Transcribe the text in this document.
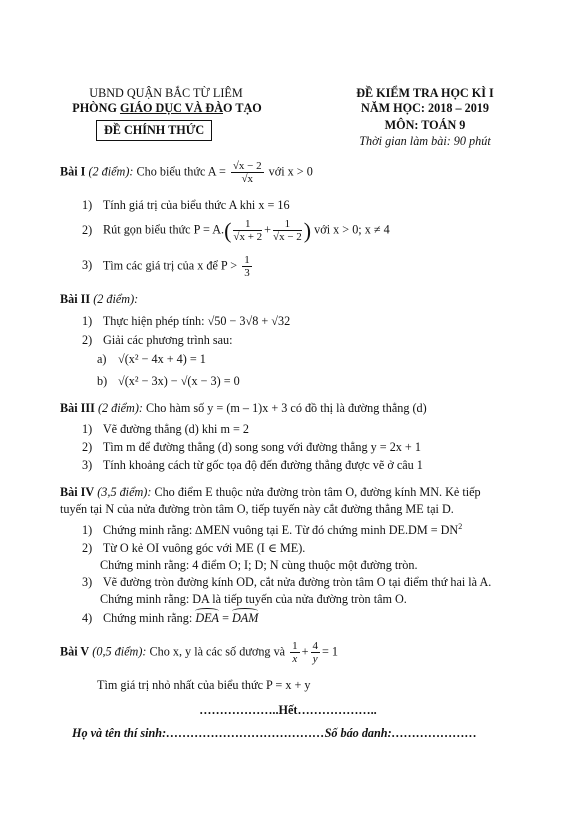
UBND QUẬN BẮC TỪ LIÊM
PHÒNG GIÁO DỤC VÀ ĐÀO TẠO
ĐỀ CHÍNH THỨC
ĐỀ KIỂM TRA HỌC KÌ I
NĂM HỌC: 2018 – 2019
MÔN: TOÁN 9
Thời gian làm bài: 90 phút
Bài I (2 điểm): Cho biểu thức $A = \frac{√x - 2}{√x}$ với x > 0
1) Tính giá trị của biểu thức A khi x = 16
2) Rút gọn biểu thức $P = A.( \frac{1}{√x + 2} + \frac{1}{√x - 2}$ ) với x > 0; x ≠ 4
3) Tìm các giá trị của x để $P > \frac{1}{3}$
Bài II (2 điểm):
1) Thực hiện phép tính: √50 − 3√8 + √32
2) Giải các phương trình sau:
a) √(x² − 4x + 4) = 1
b) √(x² − 3x) − √(x − 3) = 0
Bài III (2 điểm): Cho hàm số y = (m – 1)x + 3 có đồ thị là đường thẳng (d)
1) Vẽ đường thẳng (d) khi m = 2
2) Tìm m để đường thẳng (d) song song với đường thẳng y = 2x + 1
3) Tính khoảng cách từ gốc tọa độ đến đường thẳng được vẽ ở câu 1
Bài IV (3,5 điểm): Cho điểm E thuộc nửa đường tròn tâm O, đường kính MN. Kẻ tiếp
tuyến tại N của nửa đường tròn tâm O, tiếp tuyến này cắt đường thẳng ME tại D.
1) Chứng minh rằng: ∆MEN vuông tại E. Từ đó chứng minh $DE.DM = DN^2$
2) Từ O kẻ OI vuông góc với ME (I ∈ ME).
Chứng minh rằng: 4 điểm O; I; D; N cùng thuộc một đường tròn.
3) Vẽ đường tròn đường kính OD, cắt nửa đường tròn tâm O tại điểm thứ hai là A.
Chứng minh rằng: DA là tiếp tuyến của nửa đường tròn tâm O.
4) Chứng minh rằng: DEA = DAM
Bài V (0,5 điểm): Cho x, y là các số dương và $\frac{1}{x} + \frac{4}{y} = 1$
Tìm giá trị nhỏ nhất của biểu thức P = x + y
………………..Hết………………..
Họ và tên thí sinh:…………………………………Số báo danh:…………………
